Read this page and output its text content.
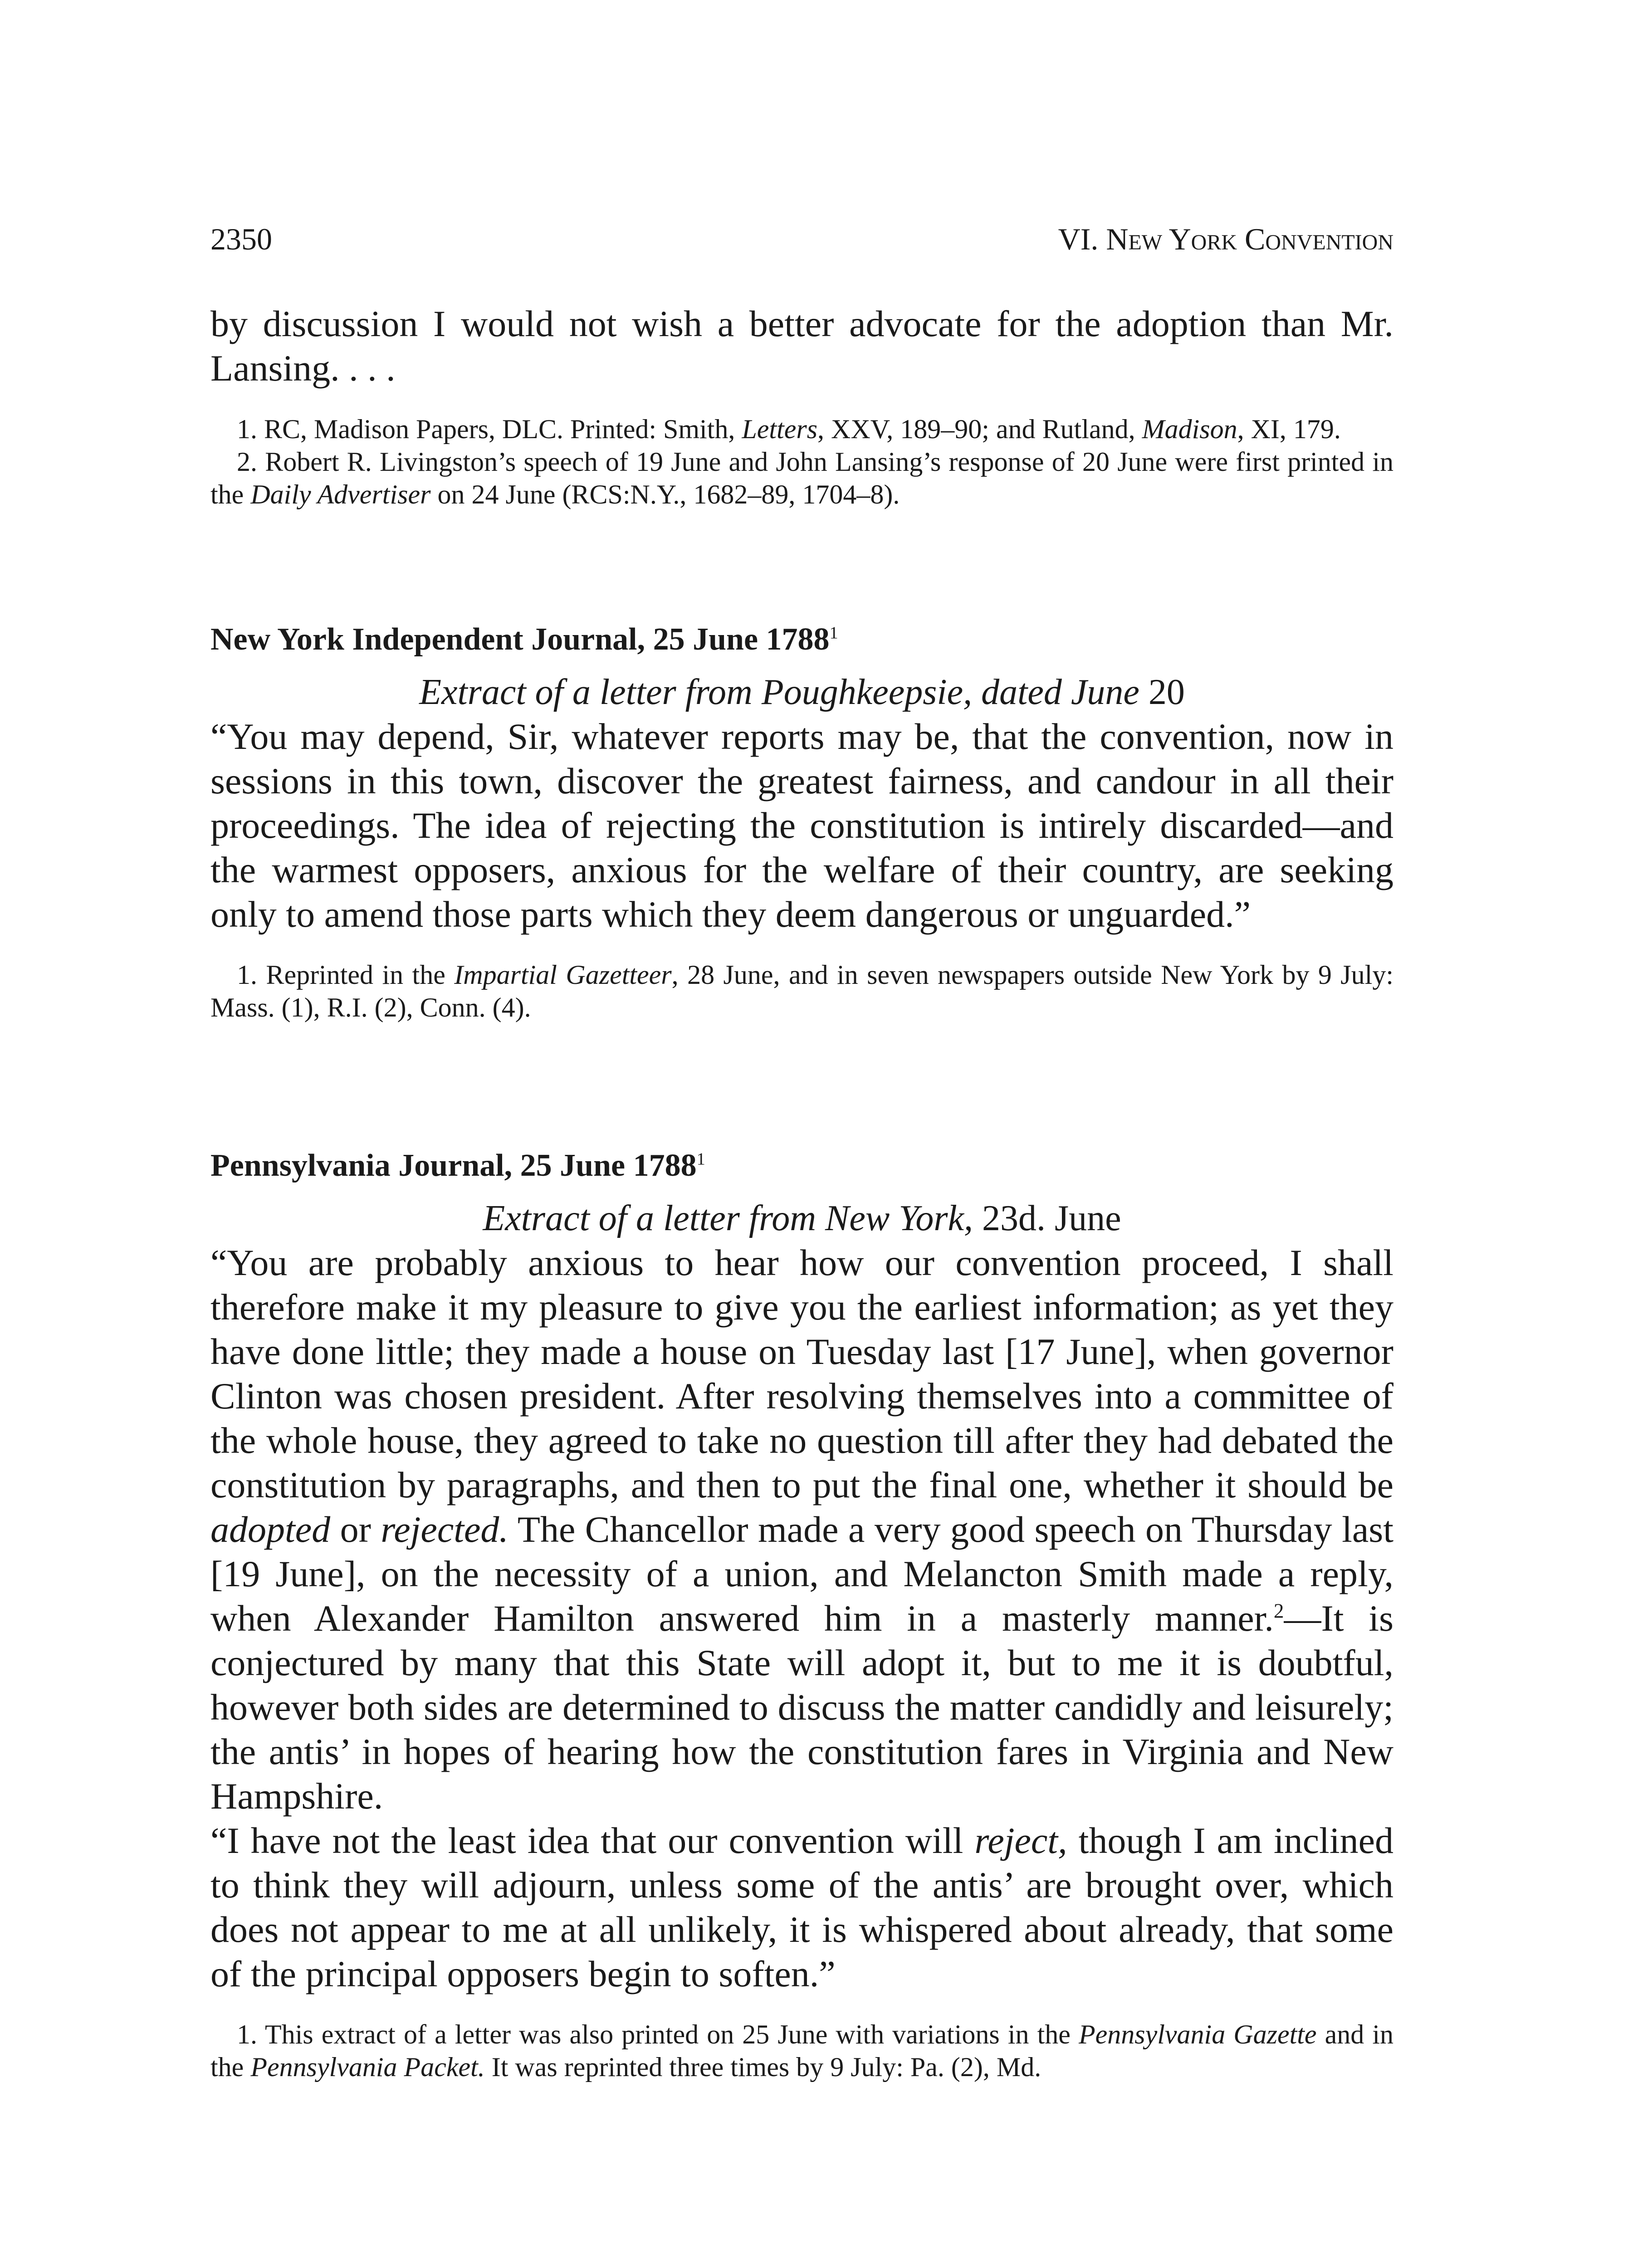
2350	VI. New York Convention

by discussion I would not wish a better advocate for the adoption than Mr. Lansing. . . .

1. RC, Madison Papers, DLC. Printed: Smith, Letters, XXV, 189–90; and Rutland, Madison, XI, 179.

2. Robert R. Livingston’s speech of 19 June and John Lansing’s response of 20 June were first printed in the Daily Advertiser on 24 June (RCS:N.Y., 1682–89, 1704–8).

New York Independent Journal, 25 June 1788$^1$

Extract of a letter from Poughkeepsie, dated June 20

“You may depend, Sir, whatever reports may be, that the convention, now in sessions in this town, discover the greatest fairness, and candour in all their proceedings. The idea of rejecting the constitution is intirely discarded—and the warmest opposers, anxious for the welfare of their country, are seeking only to amend those parts which they deem dangerous or unguarded.”

1. Reprinted in the Impartial Gazetteer, 28 June, and in seven newspapers outside New York by 9 July: Mass. (1), R.I. (2), Conn. (4).

Pennsylvania Journal, 25 June 1788$^1$

Extract of a letter from New York, 23d. June

“You are probably anxious to hear how our convention proceed, I shall therefore make it my pleasure to give you the earliest information; as yet they have done little; they made a house on Tuesday last [17 June], when governor Clinton was chosen president. After resolving themselves into a committee of the whole house, they agreed to take no question till after they had debated the constitution by paragraphs, and then to put the final one, whether it should be adopted or rejected. The Chancellor made a very good speech on Thursday last [19 June], on the necessity of a union, and Melancton Smith made a reply, when Alexander Hamilton answered him in a masterly manner.$^2$—It is conjectured by many that this State will adopt it, but to me it is doubtful, however both sides are determined to discuss the matter candidly and leisurely; the antis’ in hopes of hearing how the constitution fares in Virginia and New Hampshire.

“I have not the least idea that our convention will reject, though I am inclined to think they will adjourn, unless some of the antis’ are brought over, which does not appear to me at all unlikely, it is whispered about already, that some of the principal opposers begin to soften.”

1. This extract of a letter was also printed on 25 June with variations in the Pennsylvania Gazette and in the Pennsylvania Packet. It was reprinted three times by 9 July: Pa. (2), Md.
